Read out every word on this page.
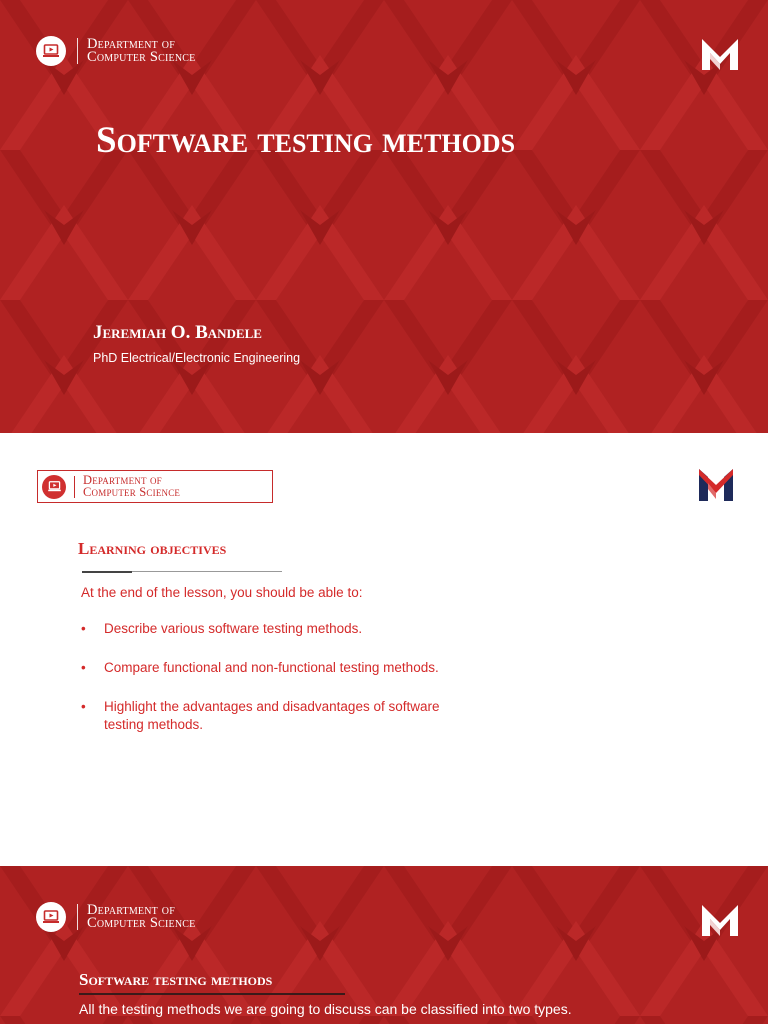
Department of
Computer Science
Software testing methods
Jeremiah O. Bandele
PhD Electrical/Electronic Engineering
Department of
Computer Science
Learning objectives
At the end of the lesson, you should be able to:
• Describe various software testing methods.
• Compare functional and non-functional testing methods.
• Highlight the advantages and disadvantages of software testing methods.
Department of
Computer Science
Software testing methods
All the testing methods we are going to discuss can be classified into two types.
